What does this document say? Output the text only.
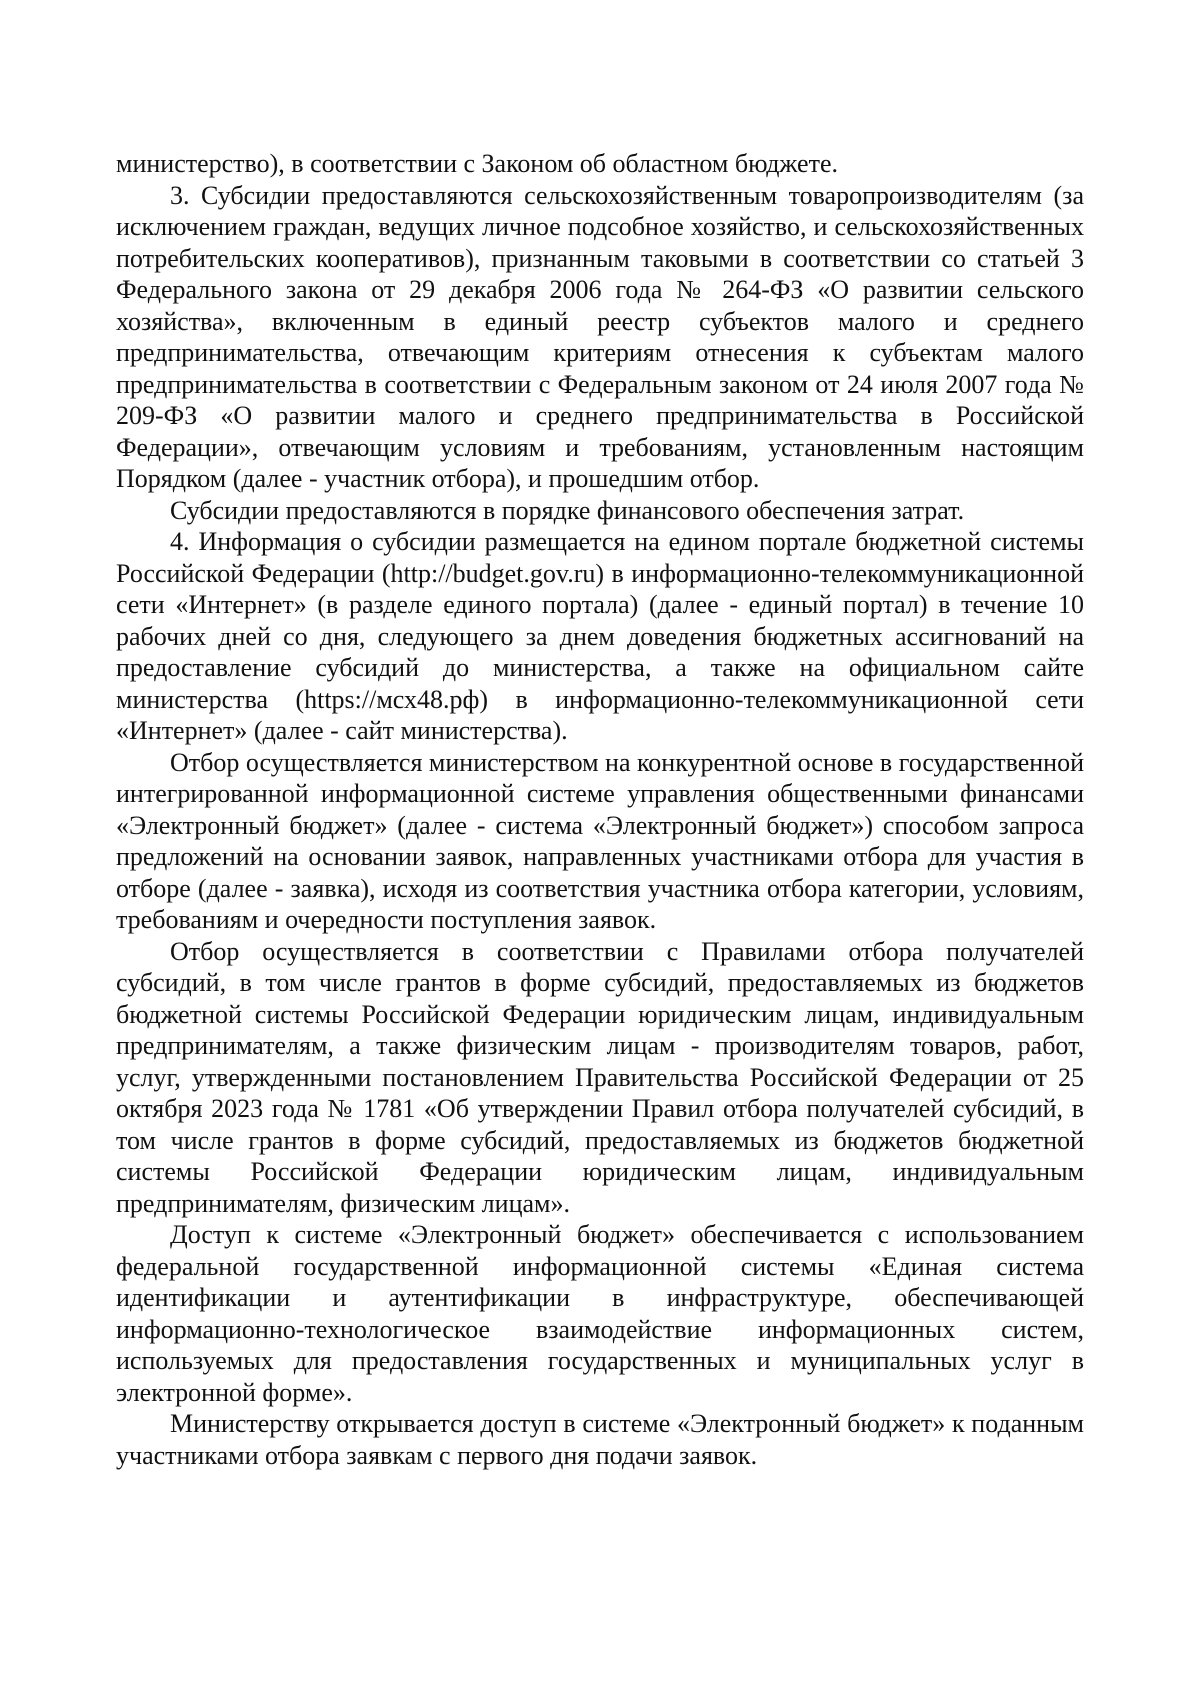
министерство), в соответствии с Законом об областном бюджете.

3. Субсидии предоставляются сельскохозяйственным товаропроизводителям (за исключением граждан, ведущих личное подсобное хозяйство, и сельскохозяйственных потребительских кооперативов), признанным таковыми в соответствии со статьей 3 Федерального закона от 29 декабря 2006 года № 264-ФЗ «О развитии сельского хозяйства», включенным в единый реестр субъектов малого и среднего предпринимательства, отвечающим критериям отнесения к субъектам малого предпринимательства в соответствии с Федеральным законом от 24 июля 2007 года № 209-ФЗ «О развитии малого и среднего предпринимательства в Российской Федерации», отвечающим условиям и требованиям, установленным настоящим Порядком (далее - участник отбора), и прошедшим отбор.

Субсидии предоставляются в порядке финансового обеспечения затрат.

4. Информация о субсидии размещается на едином портале бюджетной системы Российской Федерации (http://budget.gov.ru) в информационно-телекоммуникационной сети «Интернет» (в разделе единого портала) (далее - единый портал) в течение 10 рабочих дней со дня, следующего за днем доведения бюджетных ассигнований на предоставление субсидий до министерства, а также на официальном сайте министерства (https://мсх48.рф) в информационно-телекоммуникационной сети «Интернет» (далее - сайт министерства).

Отбор осуществляется министерством на конкурентной основе в государственной интегрированной информационной системе управления общественными финансами «Электронный бюджет» (далее - система «Электронный бюджет») способом запроса предложений на основании заявок, направленных участниками отбора для участия в отборе (далее - заявка), исходя из соответствия участника отбора категории, условиям, требованиям и очередности поступления заявок.

Отбор осуществляется в соответствии с Правилами отбора получателей субсидий, в том числе грантов в форме субсидий, предоставляемых из бюджетов бюджетной системы Российской Федерации юридическим лицам, индивидуальным предпринимателям, а также физическим лицам - производителям товаров, работ, услуг, утвержденными постановлением Правительства Российской Федерации от 25 октября 2023 года № 1781 «Об утверждении Правил отбора получателей субсидий, в том числе грантов в форме субсидий, предоставляемых из бюджетов бюджетной системы Российской Федерации юридическим лицам, индивидуальным предпринимателям, физическим лицам».

Доступ к системе «Электронный бюджет» обеспечивается с использованием федеральной государственной информационной системы «Единая система идентификации и аутентификации в инфраструктуре, обеспечивающей информационно-технологическое взаимодействие информационных систем, используемых для предоставления государственных и муниципальных услуг в электронной форме».

Министерству открывается доступ в системе «Электронный бюджет» к поданным участниками отбора заявкам с первого дня подачи заявок.
